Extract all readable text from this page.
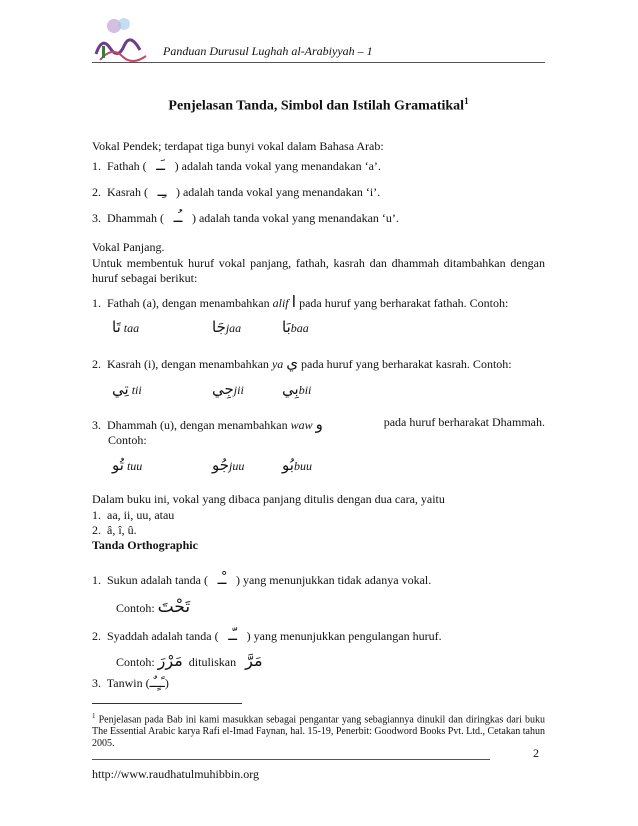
Panduan Durusul Lughah al-Arabiyyah – 1
Penjelasan Tanda, Simbol dan Istilah Gramatikal$^1$
Vokal Pendek; terdapat tiga bunyi vokal dalam Bahasa Arab:
1. Fathah ( ـَـ ) adalah tanda vokal yang menandakan ‘a’.
2. Kasrah ( ـِـ ) adalah tanda vokal yang menandakan ‘i’.
3. Dhammah ( ـُـ ) adalah tanda vokal yang menandakan ‘u’.
Vokal Panjang.

Untuk membentuk huruf vokal panjang, fathah, kasrah dan dhammah ditambahkan dengan huruf sebagai berikut:

1. Fathah (a), dengan menambahkan alif ا pada huruf yang berharakat fathah. Contoh:
تَا taa	جَاjaa	بَاbaa
2. Kasrah (i), dengan menambahkan ya ي pada huruf yang berharakat kasrah. Contoh:
تِي tii	جِيjii	بِيbii
3. Dhammah (u), dengan menambahkan waw و	pada huruf berharakat Dhammah.
Contoh:
تُو tuu	جُوjuu	بُوbuu
Dalam buku ini, vokal yang dibaca panjang ditulis dengan dua cara, yaitu
1. aa, ii, uu, atau
2. â, î, û.
Tanda Orthographic
1. Sukun adalah tanda ( ـْـ ) yang menunjukkan tidak adanya vokal.
Contoh: تَحْتَ
2. Syaddah adalah tanda ( ـّـ ) yang menunjukkan pengulangan huruf.
Contoh: مَرْرَ dituliskan مَرَّ
3. Tanwin (ـًـٍـٌـ)

$^1$ Penjelasan pada Bab ini kami masukkan sebagai pengantar yang sebagiannya dinukil dan diringkas dari buku The Essential Arabic karya Rafi el-Imad Faynan, hal. 15-19, Penerbit: Goodword Books Pvt. Ltd., Cetakan tahun 2005.

2
http://www.raudhatulmuhibbin.org
